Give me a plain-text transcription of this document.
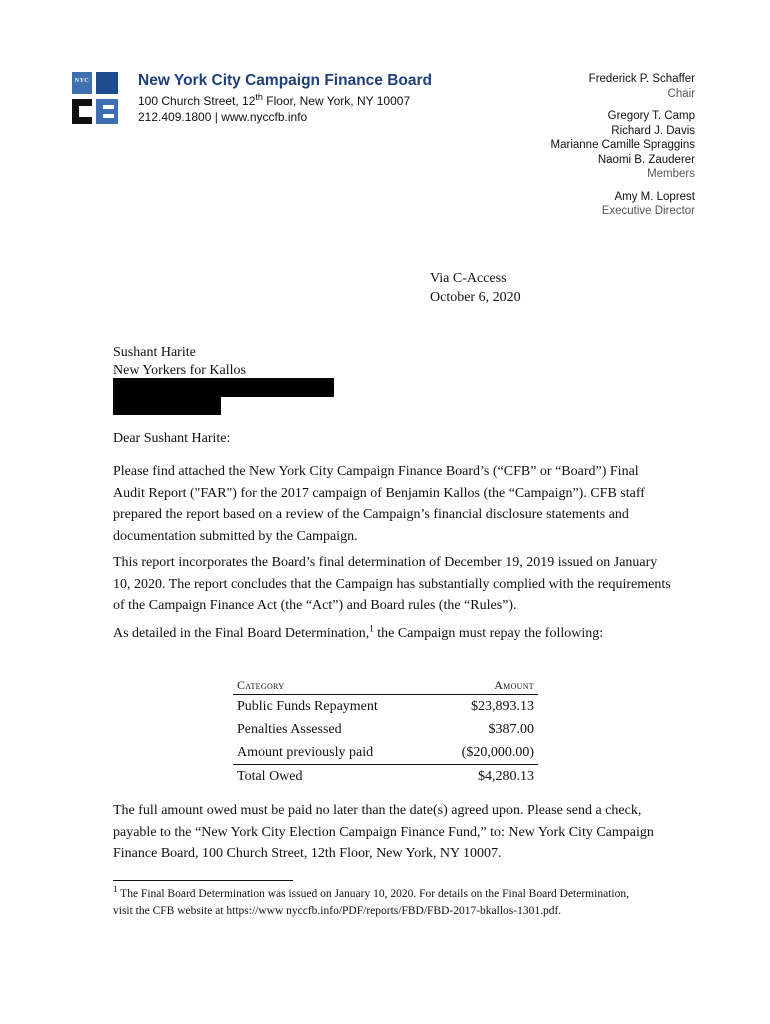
NYC	New York City Campaign Finance Board
100 Church Street, 12th Floor, New York, NY 10007
212.409.1800 | www.nyccfb.info
Frederick P. Schaffer
Chair
Gregory T. Camp
Richard J. Davis
Marianne Camille Spraggins
Naomi B. Zauderer
Members
Amy M. Loprest
Executive Director
Via C-Access
October 6, 2020
Sushant Harite
New Yorkers for Kallos
Dear Sushant Harite:

Please find attached the New York City Campaign Finance Board’s (“CFB” or “Board”) Final Audit Report ("FAR") for the 2017 campaign of Benjamin Kallos (the “Campaign”). CFB staff prepared the report based on a review of the Campaign’s financial disclosure statements and documentation submitted by the Campaign.

This report incorporates the Board’s final determination of December 19, 2019 issued on January 10, 2020. The report concludes that the Campaign has substantially complied with the requirements of the Campaign Finance Act (the “Act”) and Board rules (the “Rules”).

As detailed in the Final Board Determination,$^1$ the Campaign must repay the following:

Category	Amount
Public Funds Repayment	$23,893.13
Penalties Assessed	$387.00
Amount previously paid	($20,000.00)
Total Owed	$4,280.13

The full amount owed must be paid no later than the date(s) agreed upon. Please send a check, payable to the “New York City Election Campaign Finance Fund,” to: New York City Campaign Finance Board, 100 Church Street, 12th Floor, New York, NY 10007.

$^1$ The Final Board Determination was issued on January 10, 2020. For details on the Final Board Determination, visit the CFB website at https://www nyccfb.info/PDF/reports/FBD/FBD-2017-bkallos-1301.pdf.
